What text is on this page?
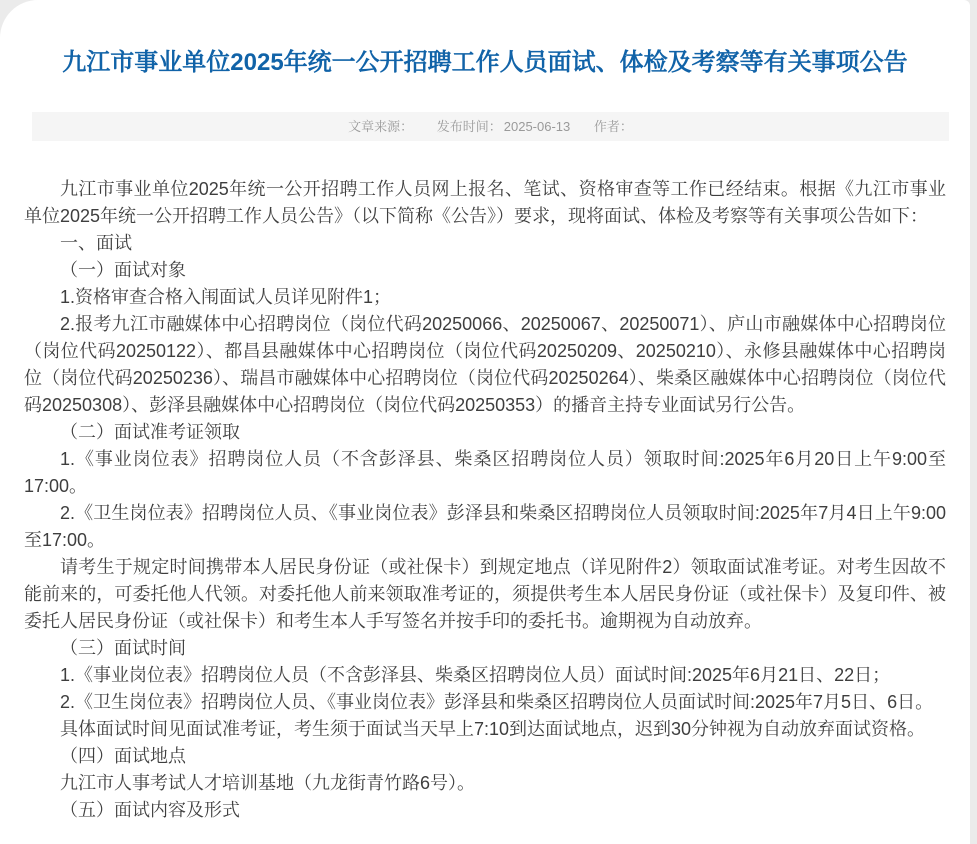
九江市事业单位2025年统一公开招聘工作人员面试、体检及考察等有关事项公告
文章来源： 发布时间： 2025-06-13 作者：

九江市事业单位2025年统一公开招聘工作人员网上报名、笔试、资格审查等工作已经结束。根据《九江市事业单位2025年统一公开招聘工作人员公告》（以下简称《公告》）要求，现将面试、体检及考察等有关事项公告如下：

一、面试

（一）面试对象

1.资格审查合格入闱面试人员详见附件1；

2.报考九江市融媒体中心招聘岗位（岗位代码20250066、20250067、20250071）、庐山市融媒体中心招聘岗位（岗位代码20250122）、都昌县融媒体中心招聘岗位（岗位代码20250209、20250210）、永修县融媒体中心招聘岗位（岗位代码20250236）、瑞昌市融媒体中心招聘岗位（岗位代码20250264）、柴桑区融媒体中心招聘岗位（岗位代码20250308）、彭泽县融媒体中心招聘岗位（岗位代码20250353）的播音主持专业面试另行公告。

（二）面试准考证领取

1.《事业岗位表》招聘岗位人员（不含彭泽县、柴桑区招聘岗位人员）领取时间:2025年6月20日上午9:00至17:00。

2.《卫生岗位表》招聘岗位人员、《事业岗位表》彭泽县和柴桑区招聘岗位人员领取时间:2025年7月4日上午9:00至17:00。

请考生于规定时间携带本人居民身份证（或社保卡）到规定地点（详见附件2）领取面试准考证。对考生因故不能前来的，可委托他人代领。对委托他人前来领取准考证的，须提供考生本人居民身份证（或社保卡）及复印件、被委托人居民身份证（或社保卡）和考生本人手写签名并按手印的委托书。逾期视为自动放弃。

（三）面试时间

1.《事业岗位表》招聘岗位人员（不含彭泽县、柴桑区招聘岗位人员）面试时间:2025年6月21日、22日；

2.《卫生岗位表》招聘岗位人员、《事业岗位表》彭泽县和柴桑区招聘岗位人员面试时间:2025年7月5日、6日。

具体面试时间见面试准考证，考生须于面试当天早上7:10到达面试地点，迟到30分钟视为自动放弃面试资格。

（四）面试地点

九江市人事考试人才培训基地（九龙街青竹路6号）。

（五）面试内容及形式
